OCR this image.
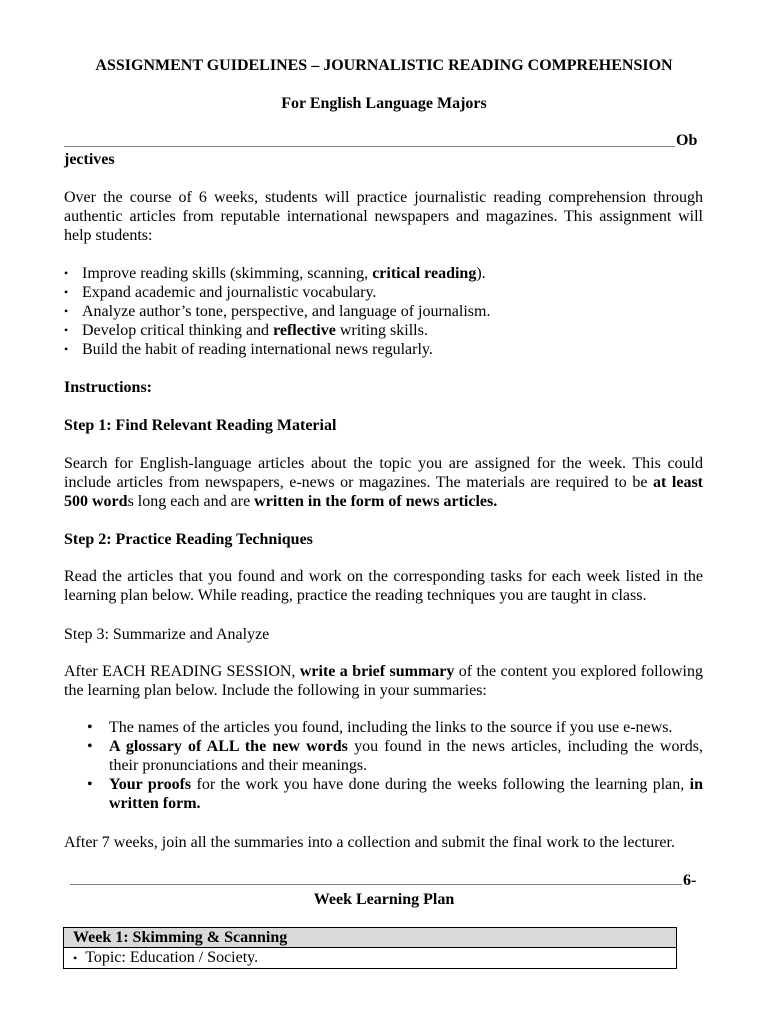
ASSIGNMENT GUIDELINES – JOURNALISTIC READING COMPREHENSION
For English Language Majors
Ob
jectives
Over the course of 6 weeks, students will practice journalistic reading comprehension through authentic articles from reputable international newspapers and magazines. This assignment will help students:
• Improve reading skills (skimming, scanning, critical reading).
• Expand academic and journalistic vocabulary.
• Analyze author’s tone, perspective, and language of journalism.
• Develop critical thinking and reflective writing skills.
• Build the habit of reading international news regularly.
Instructions:
Step 1: Find Relevant Reading Material
Search for English-language articles about the topic you are assigned for the week. This could include articles from newspapers, e-news or magazines. The materials are required to be at least 500 words long each and are written in the form of news articles.
Step 2: Practice Reading Techniques
Read the articles that you found and work on the corresponding tasks for each week listed in the learning plan below. While reading, practice the reading techniques you are taught in class.
Step 3: Summarize and Analyze
After EACH READING SESSION, write a brief summary of the content you explored following the learning plan below. Include the following in your summaries:
• The names of the articles you found, including the links to the source if you use e-news.
• A glossary of ALL the new words you found in the news articles, including the words, their pronunciations and their meanings.
• Your proofs for the work you have done during the weeks following the learning plan, in written form.
After 7 weeks, join all the summaries into a collection and submit the final work to the lecturer.
6-
Week Learning Plan
Week 1: Skimming & Scanning
• Topic: Education / Society.
